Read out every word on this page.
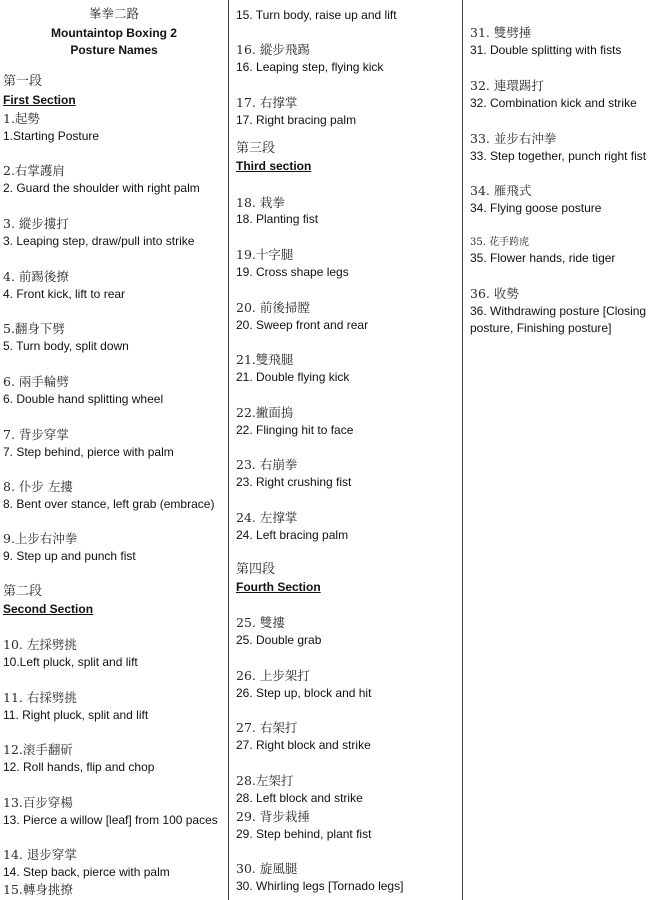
峯拳二路
Mountaintop Boxing 2
Posture Names
第一段
First Section
1.起勢
1.Starting Posture
2.右掌護肩
2. Guard the shoulder with right palm
3. 縱步摟打
3. Leaping step, draw/pull into strike
4. 前踢後撩
4. Front kick, lift to rear
5.翻身下劈
5. Turn body, split down
6. 兩手輪劈
6. Double hand splitting wheel
7. 背步穿掌
7. Step behind, pierce with palm
8. 仆步 左摟
8. Bent over stance, left grab (embrace)
9.上步右沖拳
9. Step up and punch fist
第二段
Second Section
10. 左採劈挑
10.Left pluck, split and lift
11. 右採劈挑
11. Right pluck, split and lift
12.滚手翻斫
12. Roll hands, flip and chop
13.百步穿楊
13. Pierce a willow [leaf] from 100 paces
14. 退步穿掌
14. Step back, pierce with palm
15.轉身挑撩
15. Turn body, raise up and lift
16. 縱步飛踢
16. Leaping step, flying kick
17. 右撑掌
17. Right bracing palm
第三段
Third section
18. 栽拳
18. Planting fist
19.十字腿
19. Cross shape legs
20. 前後掃膛
20. Sweep front and rear
21.雙飛腿
21. Double flying kick
22.撇面摀
22. Flinging hit to face
23. 右崩拳
23. Right crushing fist
24. 左撑掌
24. Left bracing palm
第四段
Fourth Section
25. 雙摟
25. Double grab
26. 上步架打
26. Step up, block and hit
27. 右架打
27. Right block and strike
28.左架打
28. Left block and strike
29. 背步栽捶
29. Step behind, plant fist
30. 旋風腿
30. Whirling legs [Tornado legs]
31. 雙劈捶
31. Double splitting with fists
32. 連環踢打
32. Combination kick and strike
33. 並步右沖拳
33. Step together, punch right fist
34. 雁飛式
34. Flying goose posture
35. 花手跨虎
35. Flower hands, ride tiger
36. 收勢
36. Withdrawing posture [Closing
posture, Finishing posture]
